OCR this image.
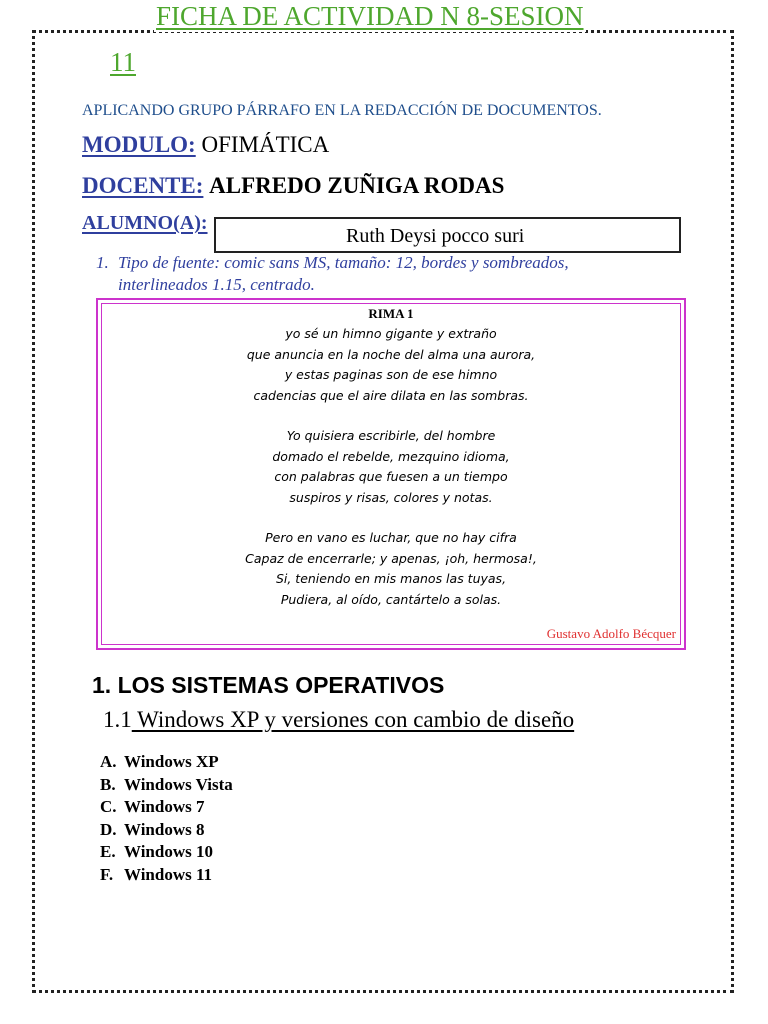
FICHA DE ACTIVIDAD N 8-SESION
11
APLICANDO GRUPO PÁRRAFO EN LA REDACCIÓN DE DOCUMENTOS.
MODULO: OFIMÁTICA
DOCENTE: ALFREDO ZUÑIGA RODAS
ALUMNO(A):
Ruth Deysi pocco suri
1. Tipo de fuente: comic sans MS, tamaño: 12, bordes y sombreados,
interlineados 1.15, centrado.
RIMA 1
yo sé un himno gigante y extraño
que anuncia en la noche del alma una aurora,
y estas paginas son de ese himno
cadencias que el aire dilata en las sombras.
Yo quisiera escribirle, del hombre
domado el rebelde, mezquino idioma,
con palabras que fuesen a un tiempo
suspiros y risas, colores y notas.
Pero en vano es luchar, que no hay cifra
Capaz de encerrarle; y apenas, ¡oh, hermosa!,
Si, teniendo en mis manos las tuyas,
Pudiera, al oído, cantártelo a solas.
Gustavo Adolfo Bécquer
1. LOS SISTEMAS OPERATIVOS
1.1 Windows XP y versiones con cambio de diseño
A. Windows XP
B. Windows Vista
C. Windows 7
D. Windows 8
E. Windows 10
F. Windows 11
